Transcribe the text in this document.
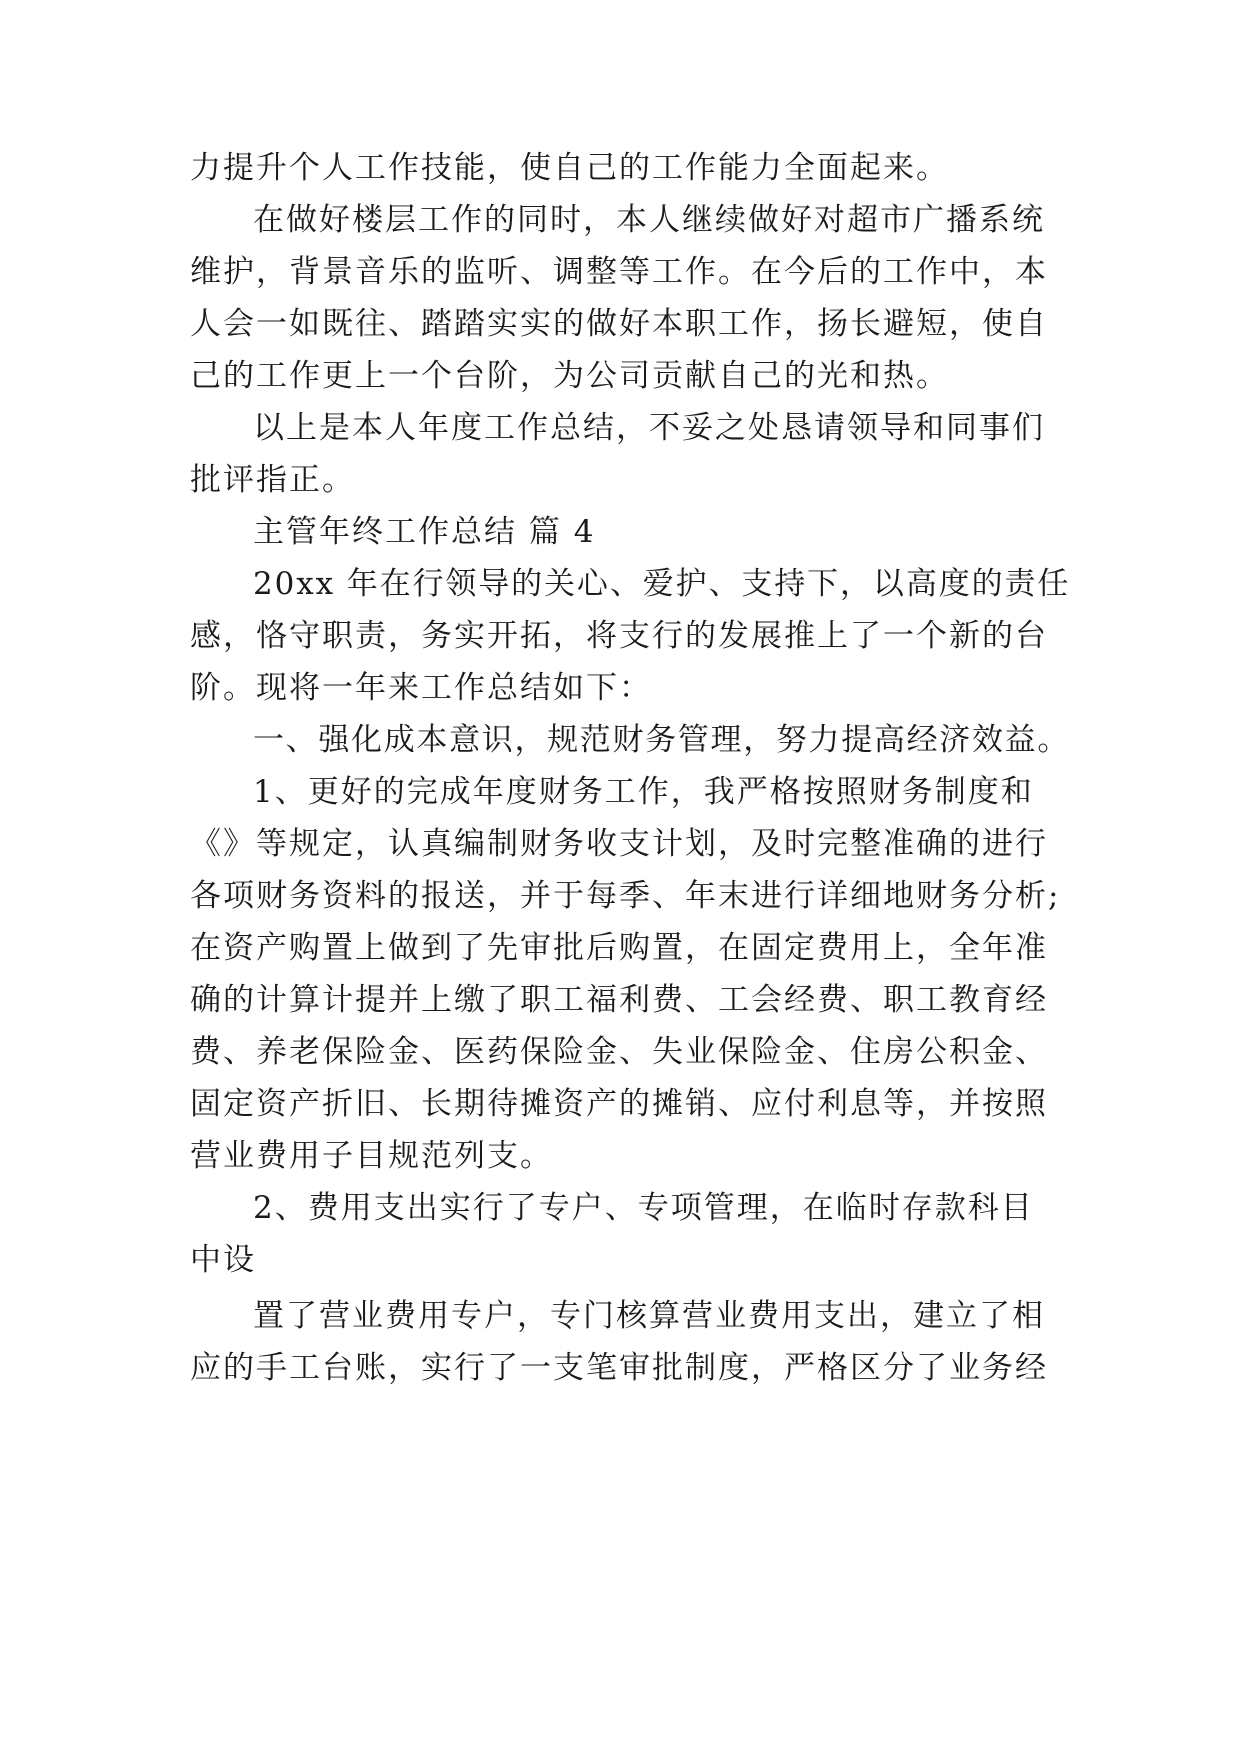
力提升个人工作技能，使自己的工作能力全面起来。

在做好楼层工作的同时，本人继续做好对超市广播系统

维护，背景音乐的监听、调整等工作。在今后的工作中，本

人会一如既往、踏踏实实的做好本职工作，扬长避短，使自

己的工作更上一个台阶，为公司贡献自己的光和热。

以上是本人年度工作总结，不妥之处恳请领导和同事们

批评指正。

主管年终工作总结 篇 4

20xx 年在行领导的关心、爱护、支持下，以高度的责任

感，恪守职责，务实开拓，将支行的发展推上了一个新的台

阶。现将一年来工作总结如下：

一、强化成本意识，规范财务管理，努力提高经济效益。

1、更好的完成年度财务工作，我严格按照财务制度和

《》等规定，认真编制财务收支计划，及时完整准确的进行

各项财务资料的报送，并于每季、年末进行详细地财务分析;

在资产购置上做到了先审批后购置，在固定费用上，全年准

确的计算计提并上缴了职工福利费、工会经费、职工教育经

费、养老保险金、医药保险金、失业保险金、住房公积金、

固定资产折旧、长期待摊资产的摊销、应付利息等，并按照

营业费用子目规范列支。

2、费用支出实行了专户、专项管理，在临时存款科目

中设

置了营业费用专户，专门核算营业费用支出，建立了相

应的手工台账，实行了一支笔审批制度，严格区分了业务经
